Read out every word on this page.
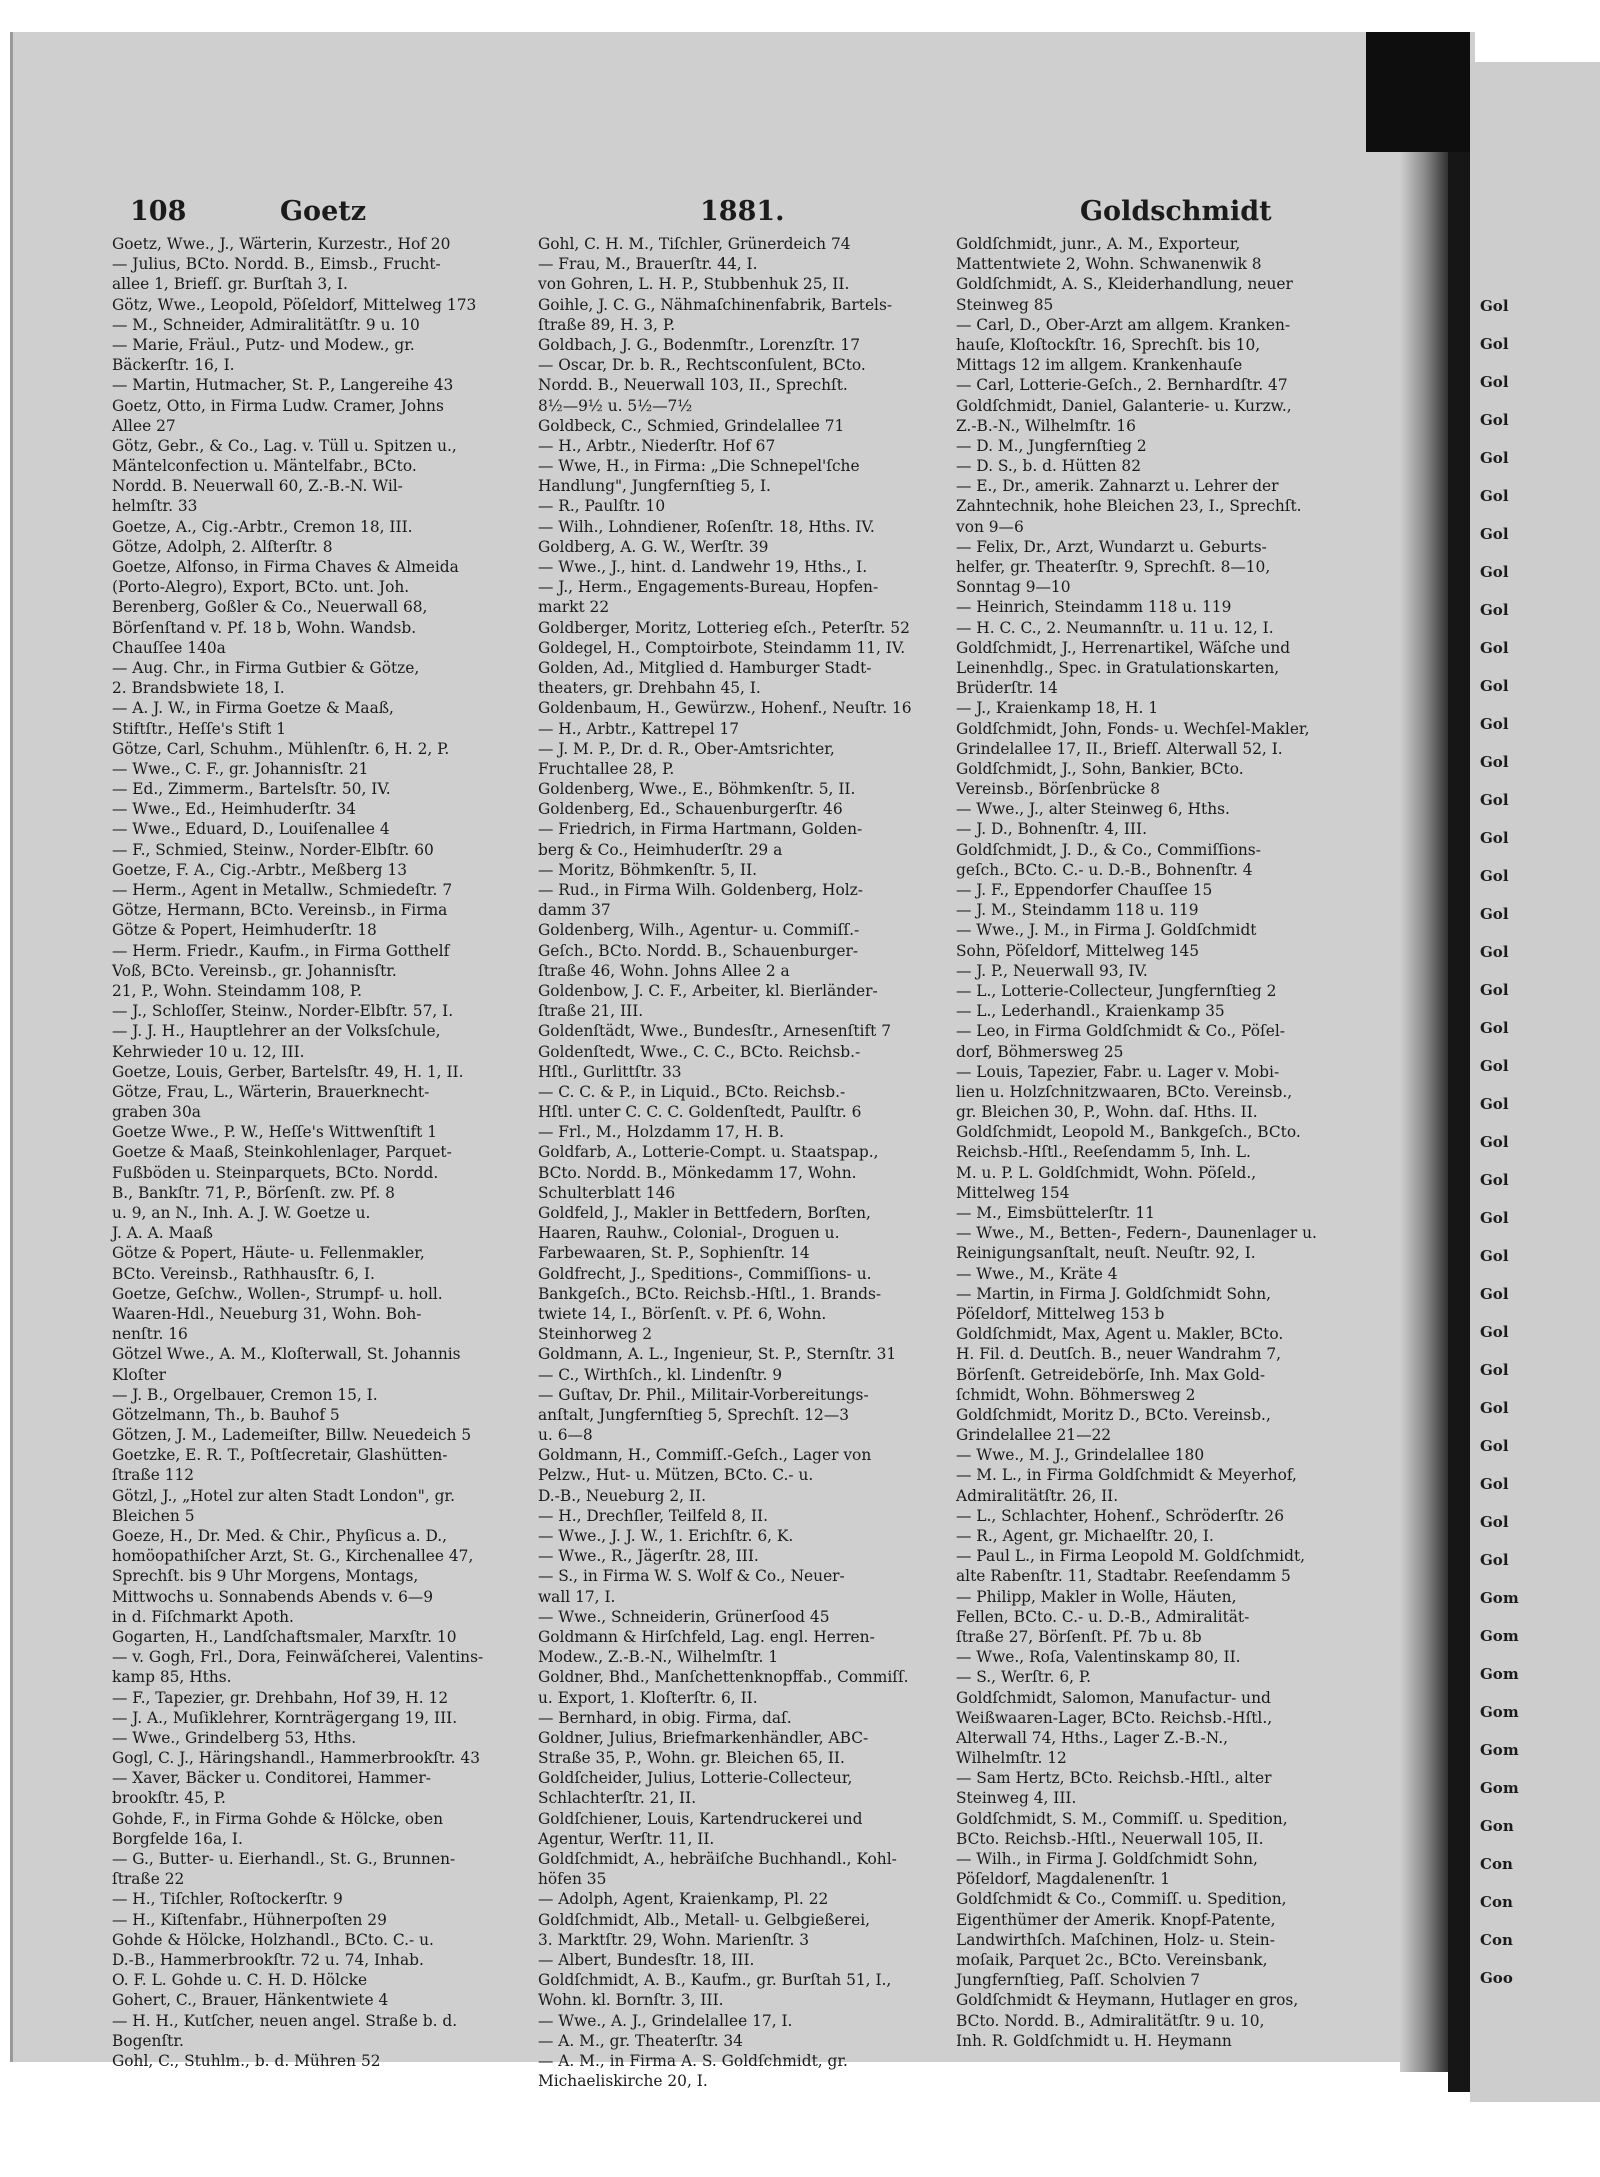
Gol
Gol
Gol
Gol
Gol
Gol
Gol
Gol
Gol
Gol
Gol
Gol
Gol
Gol
Gol
Gol
Gol
Gol
Gol
Gol
Gol
Gol
Gol
Gol
Gol
Gol
Gol
Gol
Gol
Gol
Gol
Gol
Gol
Gol
Gom
Gom
Gom
Gom
Gom
Gom
Gon
Con
Con
Con
Goo
108	Goetz	1881.	Goldschmidt
Goetz, Wwe., J., Wärterin, Kurzestr., Hof 20
— Julius, BCto. Nordd. B., Eimsb., Frucht-
allee 1, Briefſ. gr. Burſtah 3, I.
Götz, Wwe., Leopold, Pöſeldorf, Mittelweg 173
— M., Schneider, Admiralitätſtr. 9 u. 10
— Marie, Fräul., Putz- und Modew., gr.
Bäckerſtr. 16, I.
— Martin, Hutmacher, St. P., Langereihe 43
Goetz, Otto, in Firma Ludw. Cramer, Johns
Allee 27
Götz, Gebr., & Co., Lag. v. Tüll u. Spitzen u.,
Mäntelconfection u. Mäntelfabr., BCto.
Nordd. B. Neuerwall 60, Z.-B.-N. Wil-
helmſtr. 33
Goetze, A., Cig.-Arbtr., Cremon 18, III.
Götze, Adolph, 2. Alſterſtr. 8
Goetze, Alfonso, in Firma Chaves & Almeida
(Porto-Alegro), Export, BCto. unt. Joh.
Berenberg, Goßler & Co., Neuerwall 68,
Börſenſtand v. Pf. 18 b, Wohn. Wandsb.
Chauſſee 140a
— Aug. Chr., in Firma Gutbier & Götze,
2. Brandsbwiete 18, I.
— A. J. W., in Firma Goetze & Maaß,
Stiftſtr., Heſſe's Stift 1
Götze, Carl, Schuhm., Mühlenſtr. 6, H. 2, P.
— Wwe., C. F., gr. Johannisſtr. 21
— Ed., Zimmerm., Bartelsſtr. 50, IV.
— Wwe., Ed., Heimhuderſtr. 34
— Wwe., Eduard, D., Louiſenallee 4
— F., Schmied, Steinw., Norder-Elbſtr. 60
Goetze, F. A., Cig.-Arbtr., Meßberg 13
— Herm., Agent in Metallw., Schmiedeſtr. 7
Götze, Hermann, BCto. Vereinsb., in Firma
Götze & Popert, Heimhuderſtr. 18
— Herm. Friedr., Kaufm., in Firma Gotthelf
Voß, BCto. Vereinsb., gr. Johannisſtr.
21, P., Wohn. Steindamm 108, P.
— J., Schloſſer, Steinw., Norder-Elbſtr. 57, I.
— J. J. H., Hauptlehrer an der Volksſchule,
Kehrwieder 10 u. 12, III.
Goetze, Louis, Gerber, Bartelsſtr. 49, H. 1, II.
Götze, Frau, L., Wärterin, Brauerknecht-
graben 30a
Goetze Wwe., P. W., Heſſe's Wittwenſtift 1
Goetze & Maaß, Steinkohlenlager, Parquet-
Fußböden u. Steinparquets, BCto. Nordd.
B., Bankſtr. 71, P., Börſenſt. zw. Pf. 8
u. 9, an N., Inh. A. J. W. Goetze u.
J. A. A. Maaß
Götze & Popert, Häute- u. Fellenmakler,
BCto. Vereinsb., Rathhausſtr. 6, I.
Goetze, Geſchw., Wollen-, Strumpf- u. holl.
Waaren-Hdl., Neueburg 31, Wohn. Boh-
nenſtr. 16
Götzel Wwe., A. M., Kloſterwall, St. Johannis
Kloſter
— J. B., Orgelbauer, Cremon 15, I.
Götzelmann, Th., b. Bauhof 5
Götzen, J. M., Lademeiſter, Billw. Neuedeich 5
Goetzke, E. R. T., Poſtſecretair, Glashütten-
ſtraße 112
Götzl, J., „Hotel zur alten Stadt London", gr.
Bleichen 5
Goeze, H., Dr. Med. & Chir., Phyſicus a. D.,
homöopathiſcher Arzt, St. G., Kirchenallee 47,
Sprechſt. bis 9 Uhr Morgens, Montags,
Mittwochs u. Sonnabends Abends v. 6—9
in d. Fiſchmarkt Apoth.
Gogarten, H., Landſchaftsmaler, Marxſtr. 10
— v. Gogh, Frl., Dora, Feinwäſcherei, Valentins-
kamp 85, Hths.
— F., Tapezier, gr. Drehbahn, Hof 39, H. 12
— J. A., Muſiklehrer, Kornträgergang 19, III.
— Wwe., Grindelberg 53, Hths.
Gogl, C. J., Häringshandl., Hammerbrookſtr. 43
— Xaver, Bäcker u. Conditorei, Hammer-
brookſtr. 45, P.
Gohde, F., in Firma Gohde & Hölcke, oben
Borgfelde 16a, I.
— G., Butter- u. Eierhandl., St. G., Brunnen-
ſtraße 22
— H., Tiſchler, Roſtockerſtr. 9
— H., Kiſtenfabr., Hühnerpoſten 29
Gohde & Hölcke, Holzhandl., BCto. C.- u.
D.-B., Hammerbrookſtr. 72 u. 74, Inhab.
O. F. L. Gohde u. C. H. D. Hölcke
Gohert, C., Brauer, Hänkentwiete 4
— H. H., Kutſcher, neuen angel. Straße b. d.
Bogenſtr.
Gohl, C., Stuhlm., b. d. Mühren 52
Gohl, C. H. M., Tiſchler, Grünerdeich 74
— Frau, M., Brauerſtr. 44, I.
von Gohren, L. H. P., Stubbenhuk 25, II.
Goihle, J. C. G., Nähmaſchinenfabrik, Bartels-
ſtraße 89, H. 3, P.
Goldbach, J. G., Bodenmſtr., Lorenzſtr. 17
— Oscar, Dr. b. R., Rechtsconſulent, BCto.
Nordd. B., Neuerwall 103, II., Sprechſt.
8½—9½ u. 5½—7½
Goldbeck, C., Schmied, Grindelallee 71
— H., Arbtr., Niederſtr. Hof 67
— Wwe, H., in Firma: „Die Schnepel'ſche
Handlung", Jungfernſtieg 5, I.
— R., Paulſtr. 10
— Wilh., Lohndiener, Roſenſtr. 18, Hths. IV.
Goldberg, A. G. W., Werſtr. 39
— Wwe., J., hint. d. Landwehr 19, Hths., I.
— J., Herm., Engagements-Bureau, Hopfen-
markt 22
Goldberger, Moritz, Lotterieg eſch., Peterſtr. 52
Goldegel, H., Comptoirbote, Steindamm 11, IV.
Golden, Ad., Mitglied d. Hamburger Stadt-
theaters, gr. Drehbahn 45, I.
Goldenbaum, H., Gewürzw., Hohenf., Neuſtr. 16
— H., Arbtr., Kattrepel 17
— J. M. P., Dr. d. R., Ober-Amtsrichter,
Fruchtallee 28, P.
Goldenberg, Wwe., E., Böhmkenſtr. 5, II.
Goldenberg, Ed., Schauenburgerſtr. 46
— Friedrich, in Firma Hartmann, Golden-
berg & Co., Heimhuderſtr. 29 a
— Moritz, Böhmkenſtr. 5, II.
— Rud., in Firma Wilh. Goldenberg, Holz-
damm 37
Goldenberg, Wilh., Agentur- u. Commiſſ.-
Geſch., BCto. Nordd. B., Schauenburger-
ſtraße 46, Wohn. Johns Allee 2 a
Goldenbow, J. C. F., Arbeiter, kl. Bierländer-
ſtraße 21, III.
Goldenſtädt, Wwe., Bundesſtr., Arnesenſtift 7
Goldenſtedt, Wwe., C. C., BCto. Reichsb.-
Hſtl., Gurlittſtr. 33
— C. C. & P., in Liquid., BCto. Reichsb.-
Hſtl. unter C. C. C. Goldenſtedt, Paulſtr. 6
— Frl., M., Holzdamm 17, H. B.
Goldfarb, A., Lotterie-Compt. u. Staatspap.,
BCto. Nordd. B., Mönkedamm 17, Wohn.
Schulterblatt 146
Goldfeld, J., Makler in Bettfedern, Borſten,
Haaren, Rauhw., Colonial-, Droguen u.
Farbewaaren, St. P., Sophienſtr. 14
Goldfrecht, J., Speditions-, Commiſſions- u.
Bankgeſch., BCto. Reichsb.-Hſtl., 1. Brands-
twiete 14, I., Börſenſt. v. Pf. 6, Wohn.
Steinhorweg 2
Goldmann, A. L., Ingenieur, St. P., Sternſtr. 31
— C., Wirthſch., kl. Lindenſtr. 9
— Guſtav, Dr. Phil., Militair-Vorbereitungs-
anſtalt, Jungfernſtieg 5, Sprechſt. 12—3
u. 6—8
Goldmann, H., Commiſſ.-Geſch., Lager von
Pelzw., Hut- u. Mützen, BCto. C.- u.
D.-B., Neueburg 2, II.
— H., Drechſler, Teilfeld 8, II.
— Wwe., J. J. W., 1. Erichſtr. 6, K.
— Wwe., R., Jägerſtr. 28, III.
— S., in Firma W. S. Wolf & Co., Neuer-
wall 17, I.
— Wwe., Schneiderin, Grünerſood 45
Goldmann & Hirſchfeld, Lag. engl. Herren-
Modew., Z.-B.-N., Wilhelmſtr. 1
Goldner, Bhd., Manſchettenknopffab., Commiſſ.
u. Export, 1. Kloſterſtr. 6, II.
— Bernhard, in obig. Firma, daſ.
Goldner, Julius, Briefmarkenhändler, ABC-
Straße 35, P., Wohn. gr. Bleichen 65, II.
Goldſcheider, Julius, Lotterie-Collecteur,
Schlachterſtr. 21, II.
Goldſchiener, Louis, Kartendruckerei und
Agentur, Werſtr. 11, II.
Goldſchmidt, A., hebräiſche Buchhandl., Kohl-
höfen 35
— Adolph, Agent, Kraienkamp, Pl. 22
Goldſchmidt, Alb., Metall- u. Gelbgießerei,
3. Marktſtr. 29, Wohn. Marienſtr. 3
— Albert, Bundesſtr. 18, III.
Goldſchmidt, A. B., Kaufm., gr. Burſtah 51, I.,
Wohn. kl. Bornſtr. 3, III.
— Wwe., A. J., Grindelallee 17, I.
— A. M., gr. Theaterſtr. 34
— A. M., in Firma A. S. Goldſchmidt, gr.
Michaeliskirche 20, I.
Goldſchmidt, junr., A. M., Exporteur,
Mattentwiete 2, Wohn. Schwanenwik 8
Goldſchmidt, A. S., Kleiderhandlung, neuer
Steinweg 85
— Carl, D., Ober-Arzt am allgem. Kranken-
hauſe, Kloſtockſtr. 16, Sprechſt. bis 10,
Mittags 12 im allgem. Krankenhauſe
— Carl, Lotterie-Geſch., 2. Bernhardſtr. 47
Goldſchmidt, Daniel, Galanterie- u. Kurzw.,
Z.-B.-N., Wilhelmſtr. 16
— D. M., Jungfernſtieg 2
— D. S., b. d. Hütten 82
— E., Dr., amerik. Zahnarzt u. Lehrer der
Zahntechnik, hohe Bleichen 23, I., Sprechſt.
von 9—6
— Felix, Dr., Arzt, Wundarzt u. Geburts-
helfer, gr. Theaterſtr. 9, Sprechſt. 8—10,
Sonntag 9—10
— Heinrich, Steindamm 118 u. 119
— H. C. C., 2. Neumannſtr. u. 11 u. 12, I.
Goldſchmidt, J., Herrenartikel, Wäſche und
Leinenhdlg., Spec. in Gratulationskarten,
Brüderſtr. 14
— J., Kraienkamp 18, H. 1
Goldſchmidt, John, Fonds- u. Wechſel-Makler,
Grindelallee 17, II., Briefſ. Alterwall 52, I.
Goldſchmidt, J., Sohn, Bankier, BCto.
Vereinsb., Börſenbrücke 8
— Wwe., J., alter Steinweg 6, Hths.
— J. D., Bohnenſtr. 4, III.
Goldſchmidt, J. D., & Co., Commiſſions-
geſch., BCto. C.- u. D.-B., Bohnenſtr. 4
— J. F., Eppendorfer Chauſſee 15
— J. M., Steindamm 118 u. 119
— Wwe., J. M., in Firma J. Goldſchmidt
Sohn, Pöſeldorf, Mittelweg 145
— J. P., Neuerwall 93, IV.
— L., Lotterie-Collecteur, Jungfernſtieg 2
— L., Lederhandl., Kraienkamp 35
— Leo, in Firma Goldſchmidt & Co., Pöſel-
dorf, Böhmersweg 25
— Louis, Tapezier, Fabr. u. Lager v. Mobi-
lien u. Holzſchnitzwaaren, BCto. Vereinsb.,
gr. Bleichen 30, P., Wohn. daſ. Hths. II.
Goldſchmidt, Leopold M., Bankgeſch., BCto.
Reichsb.-Hſtl., Reeſendamm 5, Inh. L.
M. u. P. L. Goldſchmidt, Wohn. Pöſeld.,
Mittelweg 154
— M., Eimsbüttelerſtr. 11
— Wwe., M., Betten-, Federn-, Daunenlager u.
Reinigungsanſtalt, neuſt. Neuſtr. 92, I.
— Wwe., M., Kräte 4
— Martin, in Firma J. Goldſchmidt Sohn,
Pöſeldorf, Mittelweg 153 b
Goldſchmidt, Max, Agent u. Makler, BCto.
H. Fil. d. Deutſch. B., neuer Wandrahm 7,
Börſenſt. Getreidebörſe, Inh. Max Gold-
ſchmidt, Wohn. Böhmersweg 2
Goldſchmidt, Moritz D., BCto. Vereinsb.,
Grindelallee 21—22
— Wwe., M. J., Grindelallee 180
— M. L., in Firma Goldſchmidt & Meyerhof,
Admiralitätſtr. 26, II.
— L., Schlachter, Hohenf., Schröderſtr. 26
— R., Agent, gr. Michaelſtr. 20, I.
— Paul L., in Firma Leopold M. Goldſchmidt,
alte Rabenſtr. 11, Stadtabr. Reeſendamm 5
— Philipp, Makler in Wolle, Häuten,
Fellen, BCto. C.- u. D.-B., Admiralität-
ſtraße 27, Börſenſt. Pf. 7b u. 8b
— Wwe., Roſa, Valentinskamp 80, II.
— S., Werſtr. 6, P.
Goldſchmidt, Salomon, Manufactur- und
Weißwaaren-Lager, BCto. Reichsb.-Hſtl.,
Alterwall 74, Hths., Lager Z.-B.-N.,
Wilhelmſtr. 12
— Sam Hertz, BCto. Reichsb.-Hſtl., alter
Steinweg 4, III.
Goldſchmidt, S. M., Commiſſ. u. Spedition,
BCto. Reichsb.-Hſtl., Neuerwall 105, II.
— Wilh., in Firma J. Goldſchmidt Sohn,
Pöſeldorf, Magdalenenſtr. 1
Goldſchmidt & Co., Commiſſ. u. Spedition,
Eigenthümer der Amerik. Knopf-Patente,
Landwirthſch. Maſchinen, Holz- u. Stein-
moſaik, Parquet 2c., BCto. Vereinsbank,
Jungfernſtieg, Paſſ. Scholvien 7
Goldſchmidt & Heymann, Hutlager en gros,
BCto. Nordd. B., Admiralitätſtr. 9 u. 10,
Inh. R. Goldſchmidt u. H. Heymann
